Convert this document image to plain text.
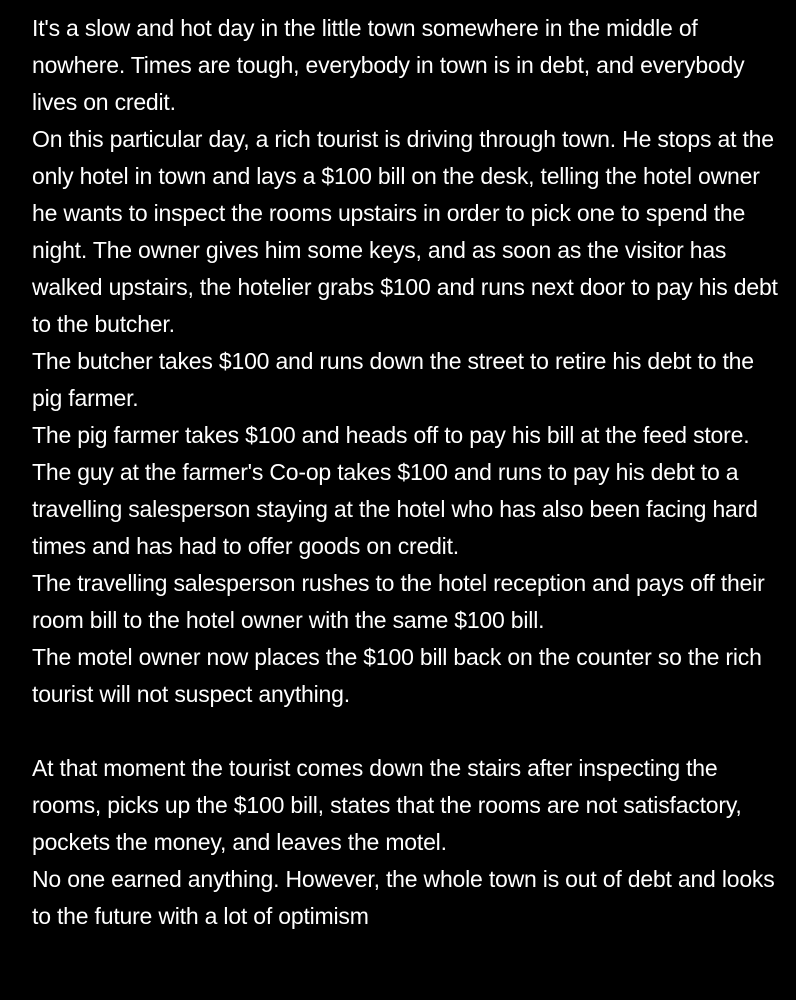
It's a slow and hot day in the little town somewhere in the middle of nowhere. Times are tough, everybody in town is in debt, and everybody lives on credit.

On this particular day, a rich tourist is driving through town. He stops at the only hotel in town and lays a $100 bill on the desk, telling the hotel owner he wants to inspect the rooms upstairs in order to pick one to spend the night. The owner gives him some keys, and as soon as the visitor has walked upstairs, the hotelier grabs $100 and runs next door to pay his debt to the butcher.

The butcher takes $100 and runs down the street to retire his debt to the pig farmer.

The pig farmer takes $100 and heads off to pay his bill at the feed store.

The guy at the farmer's Co-op takes $100 and runs to pay his debt to a travelling salesperson staying at the hotel who has also been facing hard times and has had to offer goods on credit.

The travelling salesperson rushes to the hotel reception and pays off their room bill to the hotel owner with the same $100 bill.

The motel owner now places the $100 bill back on the counter so the rich tourist will not suspect anything.

At that moment the tourist comes down the stairs after inspecting the rooms, picks up the $100 bill, states that the rooms are not satisfactory, pockets the money, and leaves the motel.

No one earned anything. However, the whole town is out of debt and looks to the future with a lot of optimism
